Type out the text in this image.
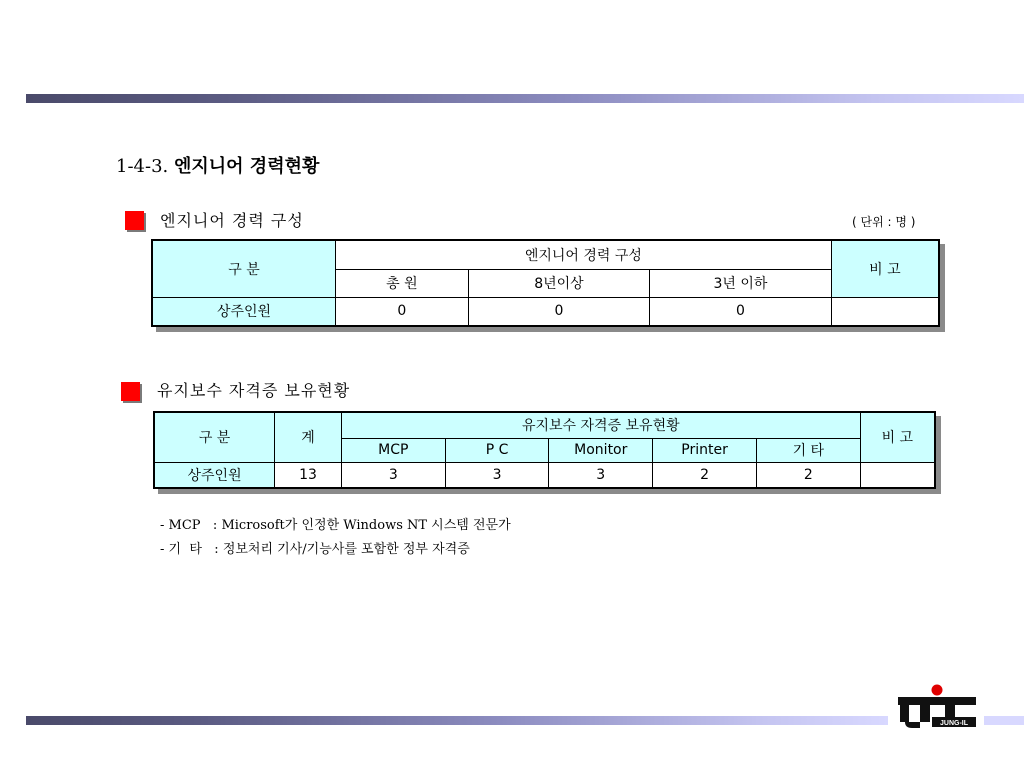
1-4-3. 엔지니어 경력현황
엔지니어 경력 구성	( 단위 : 명 )
구 분	엔지니어 경력 구성			비 고
	총 원	8년이상	3년 이하	
상주인원	0	0	0	
유지보수 자격증 보유현황
구 분	계	유지보수 자격증 보유현황					비 고
		MCP	P C	Monitor	Printer	기 타	
상주인원	13	3	3	3	2	2	
- MCP   : Microsoft가 인정한 Windows NT 시스템 전문가
- 기  타   : 정보처리 기사/기능사를 포함한 정부 자격증
JUNG-IL
